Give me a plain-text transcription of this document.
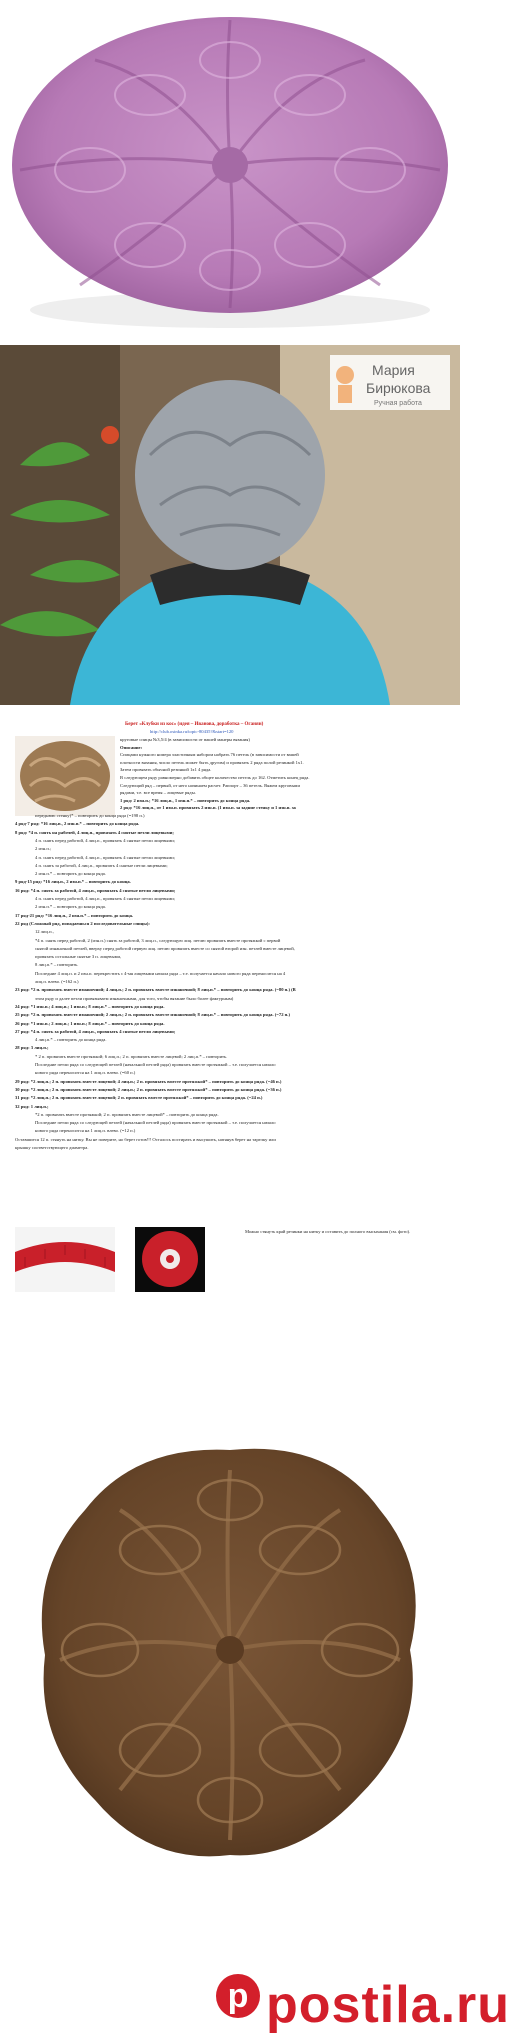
Мария
Бирюкова
Ручная работа
Берет «Клубки из кос» (идея – Иванова, доработка – Оганян)
http://club.osinka.ru/topic-80435?&start=120
круговые спицы №3,5/4 (в зависимости от вашей манеры вязания)
Описание:
Спицами нужного номера эластичным набором набрать 76 петель (в зависимости от вашей
плотности вязания, число петель может быть другим) и провязать 2 ряда полой резинкой 1х1.
Затем провязать обычной резинкой 1х1 4 ряда.
В следующем ряду равномерно добавить общее количество петель до 162. Отметить конец ряда.
Следующий ряд – первый, от него начинаем расчет. Раппорт – 36 петель. Вяжем круговыми
рядами, т.е. все время – лицевые ряды.
1 ряд: 2 изн.п.; *16 лиц.п., 1 изн.п.* – повторить до конца ряда.
2 ряд: *16 лиц.п., от 1 изн.п. провязать 2 изн.п. (1 изн.п. за задние стенку и 1 изн.п. за
переднюю стенку)* – повторить до конца ряда (=198 п.)
4 ряд-7 ряд: *16 лиц.п., 2 изн.п.* – повторить до конца ряда.
8 ряд: *4 п. снять на рабочей, 4 лиц.п., провязать 4 снятые петли лицевыми;
4 п. снять перед работой, 4 лиц.п., провязать 4 снятые петли лицевыми;
2 изн.п.;
4 п. снять перед работой, 4 лиц.п., провязать 4 снятые петли лицевыми;
4 п. снять за работой, 4 лиц.п., провязать 4 снятые петли лицевыми;
2 изн.п.* – повторить до конца ряда.
9 ряд-15 ряд: *16 лиц.п., 2 изн.п.* – повторить до конца.
16 ряд: *4 п. снять за работой, 4 лиц.п., провязать 4 снятые петли лицевыми;
4 п. снять перед работой, 4 лиц.п., провязать 4 снятые петли лицевыми;
2 изн.п.* – повторить до конца ряда.
17 ряд-21 ряд: *16 лиц.п., 2 изн.п.* – повторить до конца.
22 ряд (Сложный ряд, попадаешься 2 последовательные спицы):
12 лиц.п.,
*4 п. снять перед работой, 2 (изн.п.) снять за работой, 3 лиц.п., следующую лиц. петлю провязать вместе протяжкой с первой
снятой изнаночной петлей, вверху перед работой первую лиц. петлю провязать вместе со снятой второй изн. петлей вместе лицевой,
провязать остальные снятые 3 п. лицевыми,
8 лиц.п.* – повторить.
Последние 4 лиц.п. и 2 изн.п. перекрестить с 4-мя лицевыми начала ряда – т.е. получается начало нового ряда переносится на 4
лиц.п. влево. (=162 п.)
23 ряд: *2 п. провязать вместе изнаночной; 4 лиц.п.; 2 п. провязать вместе изнаночной; 8 лиц.п.* – повторить до конца ряда. (=80 п.) (В
этом ряду и далее петли провязываем изнаночными, для того, чтобы вязание было более фактурным)
24 ряд: *1 изн.п.; 4 лиц.п.; 1 изн.п.; 8 лиц.п.* – повторить до конца ряда.
25 ряд: *2 п. провязать вместе изнаночной; 2 лиц.п.; 2 п. провязать вместе изнаночной; 8 лиц.п.* – повторить до конца ряда. (=72 п.)
26 ряд: *1 изн.п.; 2 лиц.п.; 1 изн.п.; 8 лиц.п.* – повторить до конца ряда.
27 ряд: *4 п. снять за работой, 4 лиц.п., провязать 4 снятые петли лицевыми;
4 лиц.п.* – повторить до конца ряда.
28 ряд: 3 лиц.п.;
* 2 п. провязать вместе протяжкой; 6 лиц.п.; 2 п. провязать вместе лицевой; 2 лиц.п.* – повторить.
Последние петли ряда со следующей петлей (начальной петлей ряда) провязать вместе протяжкой – т.е. получается начало
нового ряда переносится на 1 лиц.п. влево. (=60 п.)
29 ряд: *2 лиц.п.; 2 п. провязать вместе лицевой; 4 лиц.п.; 2 п. провязать вместе протяжкой* – повторить до конца ряда. (=46 п.)
30 ряд: *2 лиц.п.; 2 п. провязать вместе лицевой; 2 лиц.п.; 2 п. провязать вместе протяжкой* – повторить до конца ряда. (=36 п.)
31 ряд: *2 лиц.п.; 2 п. провязать вместе лицевой; 2 п. провязать вместе протяжкой* – повторить до конца ряда. (=24 п.)
32 ряд: 1 лиц.п.;
*2 п. провязать вместе протяжкой; 2 п. провязать вместе лицевой* – повторить до конца ряда.
Последние петли ряда со следующей петлей (начальной петлей ряда) провязать вместе протяжкой – т.е. получается начало
нового ряда переносится на 1 лиц.п. влево. (=12 п.)
Оставшиеся 12 п. стянуть на нитку. Вы не поверите, но берет готов!!! Осталось постирать и высушить, натянув берет на тарелку или
крышку соответствующего диаметра.
Можно стянуть край резинки на нитку и оставить до полного высыхания (см. фото).
p postila.ru
